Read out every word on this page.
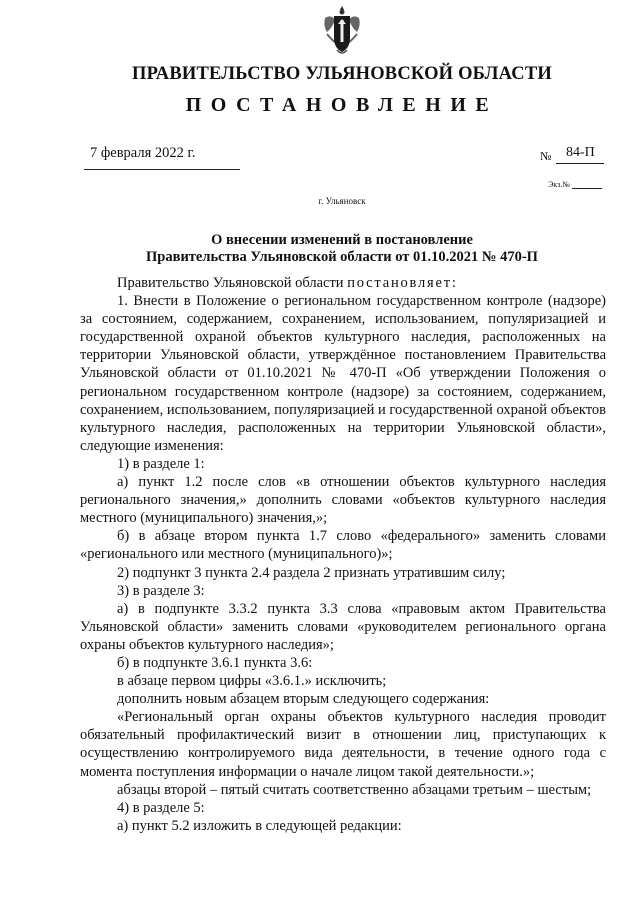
ПРАВИТЕЛЬСТВО УЛЬЯНОВСКОЙ ОБЛАСТИ
ПОСТАНОВЛЕНИЕ
7 февраля 2022 г.	№ 84-П
Экз.№
г. Ульяновск
О внесении изменений в постановление
Правительства Ульяновской области от 01.10.2021 № 470-П

Правительство Ульяновской области постановляет:

1. Внести в Положение о региональном государственном контроле (надзоре) за состоянием, содержанием, сохранением, использованием, популяризацией и государственной охраной объектов культурного наследия, расположенных на территории Ульяновской области, утверждённое постановлением Правительства Ульяновской области от 01.10.2021 № 470-П «Об утверждении Положения о региональном государственном контроле (надзоре) за состоянием, содержанием, сохранением, использованием, популяризацией и государственной охраной объектов культурного наследия, расположенных на территории Ульяновской области», следующие изменения:

1) в разделе 1:

а) пункт 1.2 после слов «в отношении объектов культурного наследия регионального значения,» дополнить словами «объектов культурного наследия местного (муниципального) значения,»;

б) в абзаце втором пункта 1.7 слово «федерального» заменить словами «регионального или местного (муниципального)»;

2) подпункт 3 пункта 2.4 раздела 2 признать утратившим силу;

3) в разделе 3:

а) в подпункте 3.3.2 пункта 3.3 слова «правовым актом Правительства Ульяновской области» заменить словами «руководителем регионального органа охраны объектов культурного наследия»;

б) в подпункте 3.6.1 пункта 3.6:

в абзаце первом цифры «3.6.1.» исключить;

дополнить новым абзацем вторым следующего содержания:

«Региональный орган охраны объектов культурного наследия проводит обязательный профилактический визит в отношении лиц, приступающих к осуществлению контролируемого вида деятельности, в течение одного года с момента поступления информации о начале лицом такой деятельности.»;

абзацы второй – пятый считать соответственно абзацами третьим – шестым;

4) в разделе 5:

а) пункт 5.2 изложить в следующей редакции:
